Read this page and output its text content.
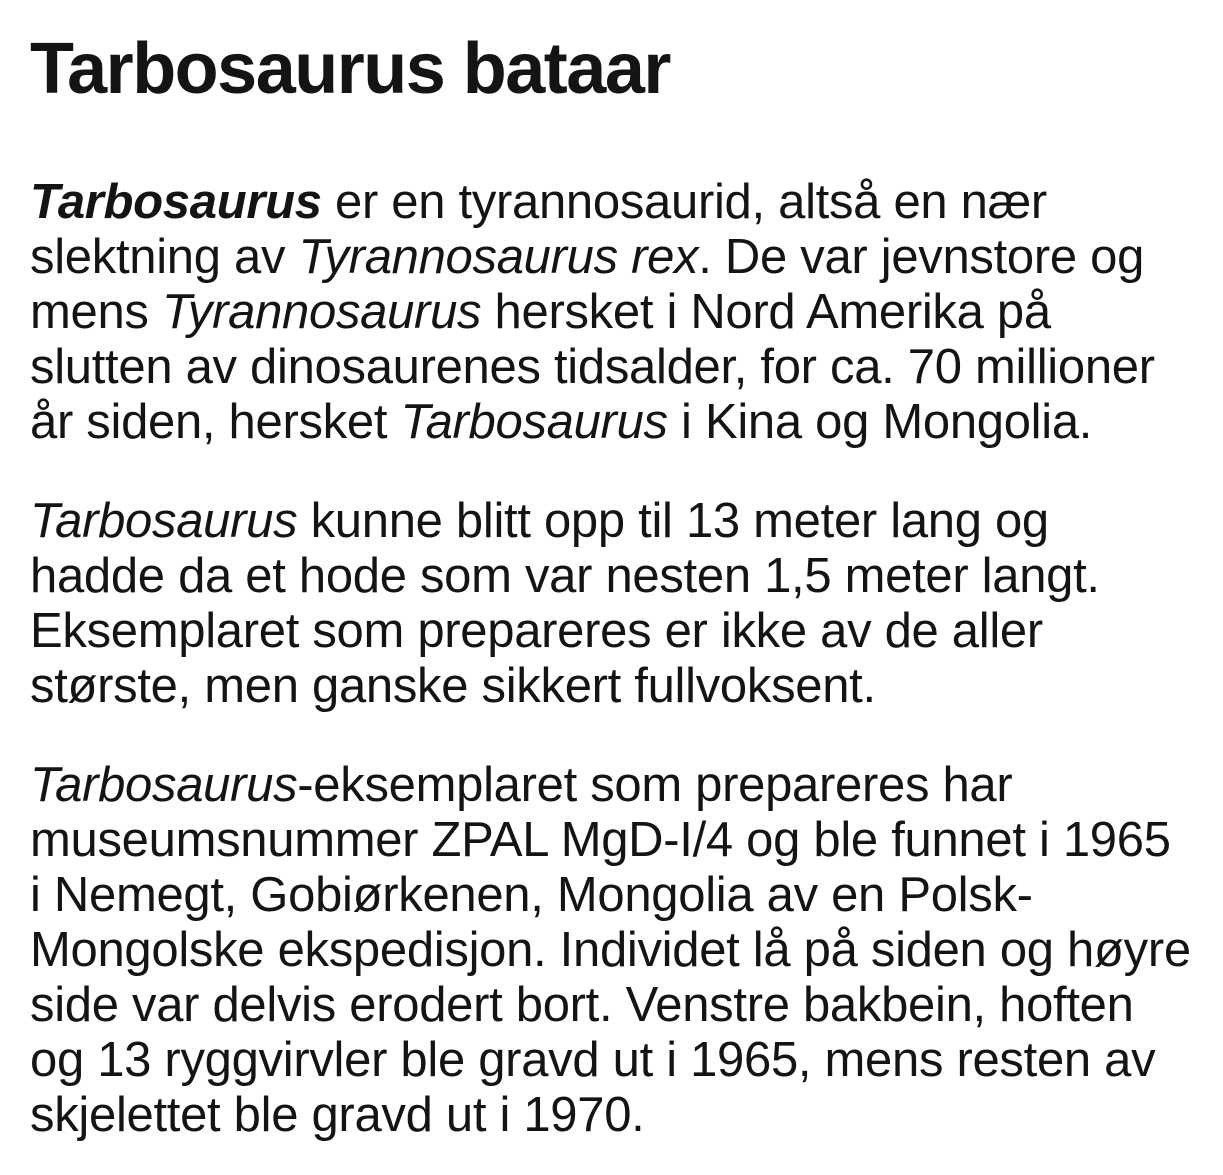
Tarbosaurus bataar

Tarbosaurus er en tyrannosaurid, altså en nær
slektning av Tyrannosaurus rex. De var jevnstore og
mens Tyrannosaurus hersket i Nord Amerika på
slutten av dinosaurenes tidsalder, for ca. 70 millioner
år siden, hersket Tarbosaurus i Kina og Mongolia.

Tarbosaurus kunne blitt opp til 13 meter lang og
hadde da et hode som var nesten 1,5 meter langt.
Eksemplaret som prepareres er ikke av de aller
største, men ganske sikkert fullvoksent.

Tarbosaurus-eksemplaret som prepareres har
museumsnummer ZPAL MgD-I/4 og ble funnet i 1965
i Nemegt, Gobiørkenen, Mongolia av en Polsk-
Mongolske ekspedisjon. Individet lå på siden og høyre
side var delvis erodert bort. Venstre bakbein, hoften
og 13 ryggvirvler ble gravd ut i 1965, mens resten av
skjelettet ble gravd ut i 1970.
